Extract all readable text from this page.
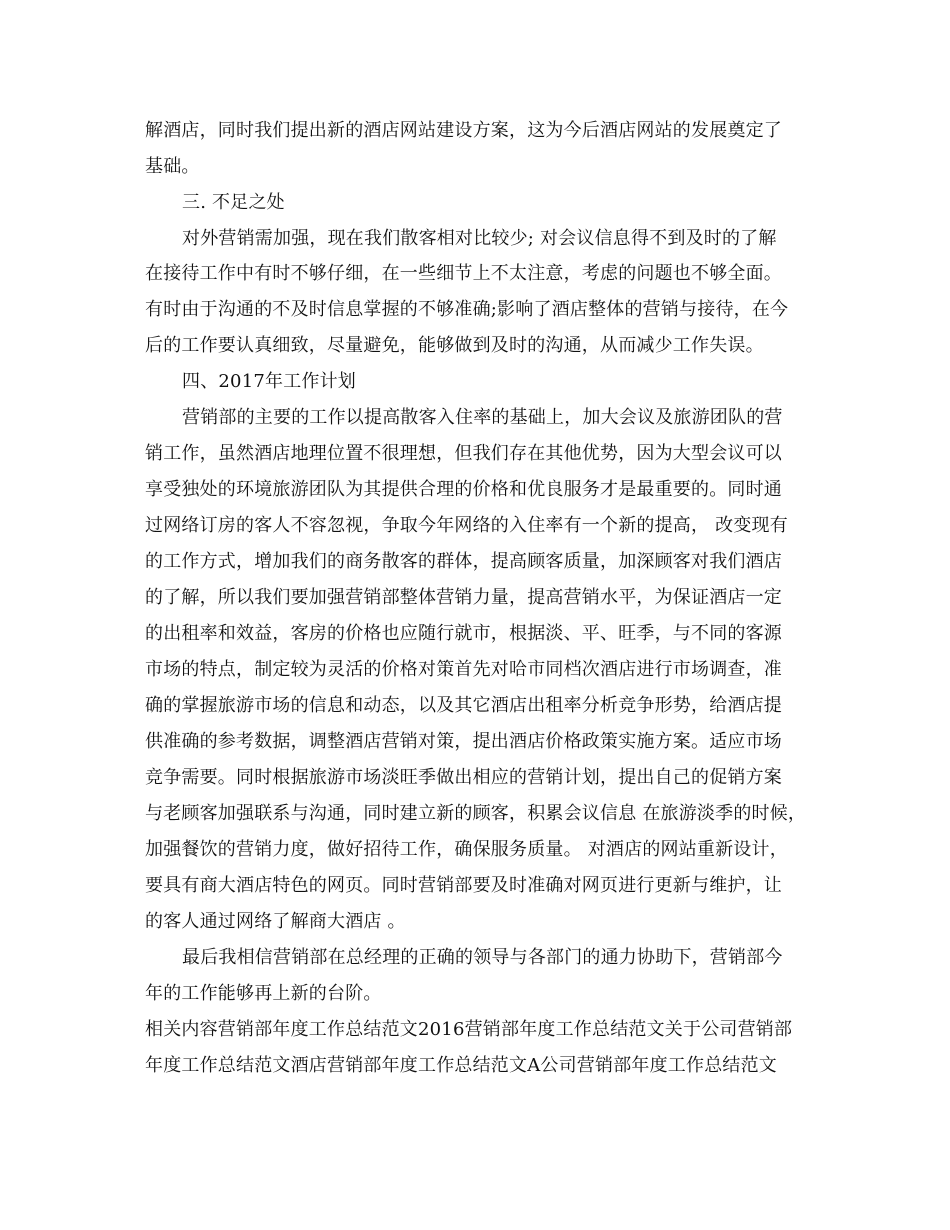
解酒店，同时我们提出新的酒店网站建设方案，这为今后酒店网站的发展奠定了
基础。
三. 不足之处
对外营销需加强，现在我们散客相对比较少; 对会议信息得不到及时的了解
在接待工作中有时不够仔细，在一些细节上不太注意，考虑的问题也不够全面。
有时由于沟通的不及时信息掌握的不够准确;影响了酒店整体的营销与接待，在今
后的工作要认真细致，尽量避免，能够做到及时的沟通，从而减少工作失误。
四、2017年工作计划
营销部的主要的工作以提高散客入住率的基础上，加大会议及旅游团队的营
销工作，虽然酒店地理位置不很理想，但我们存在其他优势，因为大型会议可以
享受独处的环境旅游团队为其提供合理的价格和优良服务才是最重要的。同时通
过网络订房的客人不容忽视，争取今年网络的入住率有一个新的提高， 改变现有
的工作方式，增加我们的商务散客的群体，提高顾客质量，加深顾客对我们酒店
的了解，所以我们要加强营销部整体营销力量，提高营销水平，为保证酒店一定
的出租率和效益，客房的价格也应随行就市，根据淡、平、旺季，与不同的客源
市场的特点，制定较为灵活的价格对策首先对哈市同档次酒店进行市场调查，准
确的掌握旅游市场的信息和动态，以及其它酒店出租率分析竞争形势，给酒店提
供准确的参考数据，调整酒店营销对策，提出酒店价格政策实施方案。适应市场
竞争需要。同时根据旅游市场淡旺季做出相应的营销计划，提出自己的促销方案
与老顾客加强联系与沟通，同时建立新的顾客，积累会议信息 在旅游淡季的时候，
加强餐饮的营销力度，做好招待工作，确保服务质量。 对酒店的网站重新设计，
要具有商大酒店特色的网页。同时营销部要及时准确对网页进行更新与维护，让
的客人通过网络了解商大酒店 。
最后我相信营销部在总经理的正确的领导与各部门的通力协助下，营销部今
年的工作能够再上新的台阶。
相关内容营销部年度工作总结范文2016营销部年度工作总结范文关于公司营销部
年度工作总结范文酒店营销部年度工作总结范文A公司营销部年度工作总结范文
